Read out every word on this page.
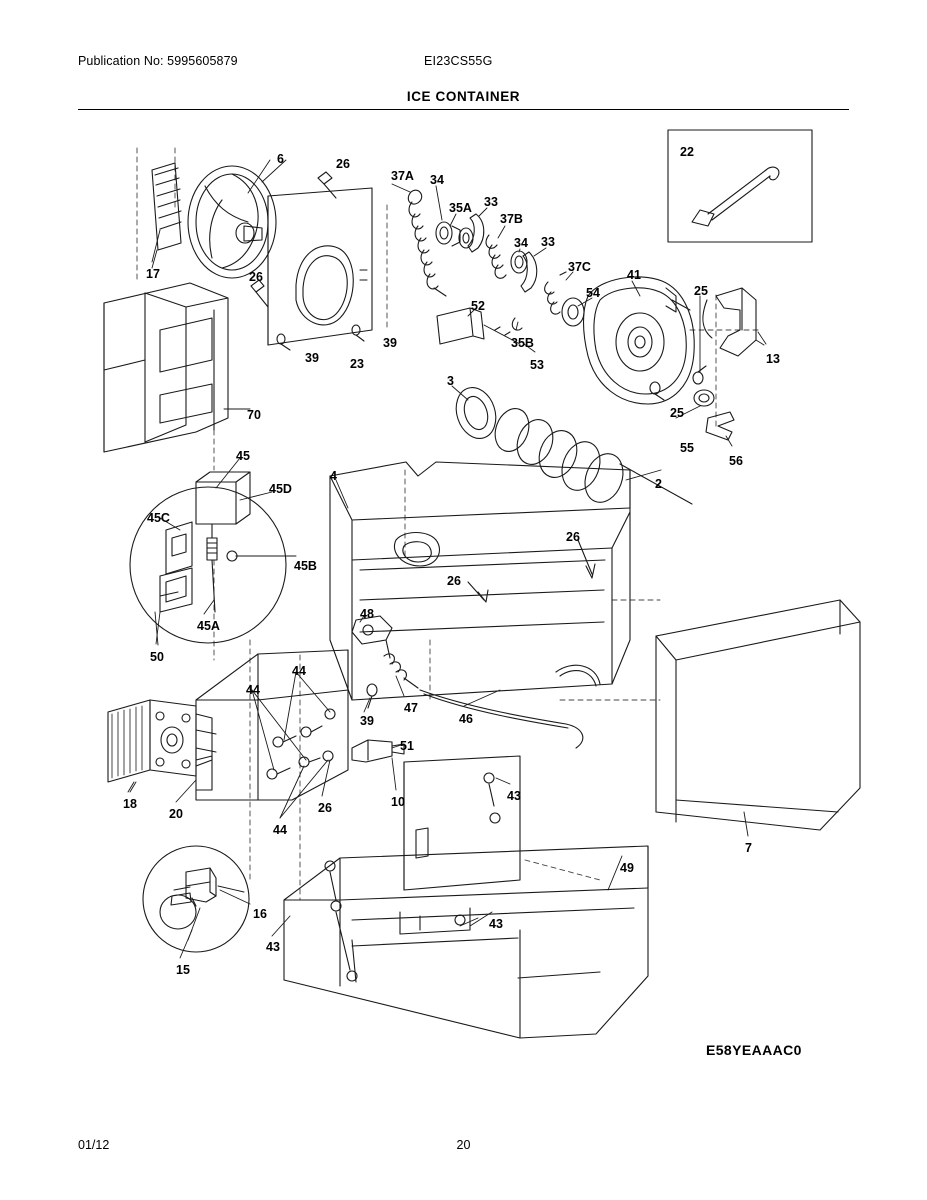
Publication No: 5995605879	EI23CS55G
ICE CONTAINER
6	26
37A 34
35A 33
37B
34 33
22
17	26
37C
41
25
54
52
39
39 23
35B
53	13
3
25
70
55
56
45
4
45D	2
45C
26
45B
26
45A
50
48
44
44
39
47
46
51
18
20	26	10	43
44
7
49
16
43
43
15
E58YEAAAC0
01/12	20
